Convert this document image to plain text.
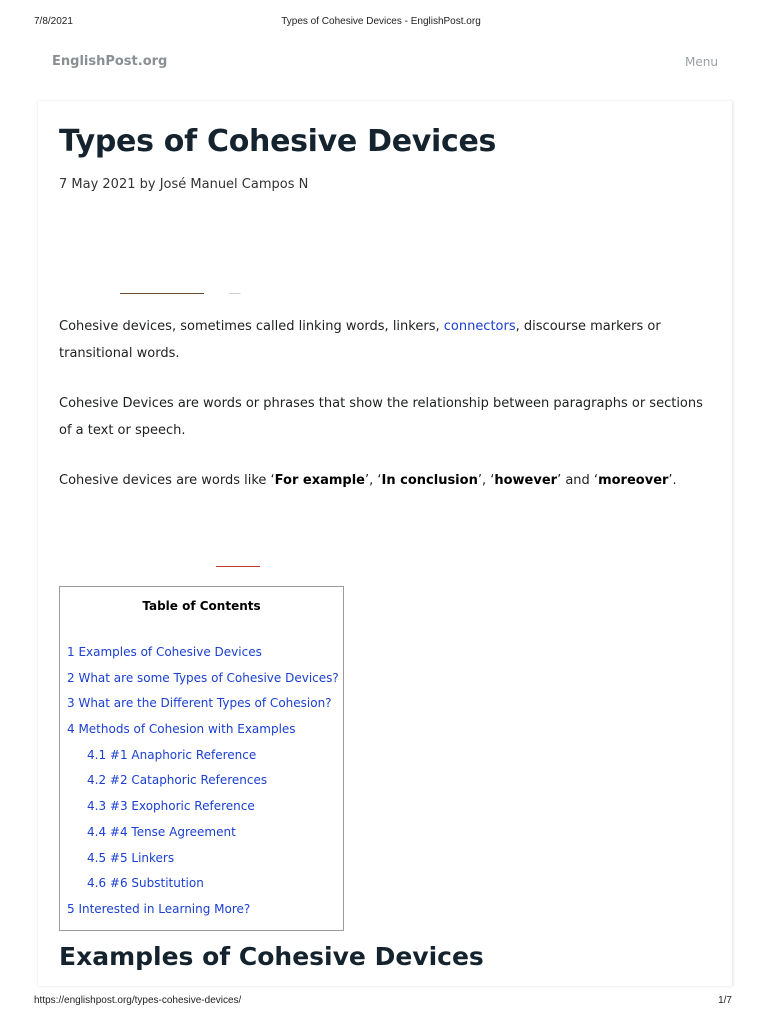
7/8/2021	Types of Cohesive Devices - EnglishPost.org
EnglishPost.org	Menu
Types of Cohesive Devices
7 May 2021 by José Manuel Campos N

Cohesive devices, sometimes called linking words, linkers, connectors, discourse markers or transitional words.

Cohesive Devices are words or phrases that show the relationship between paragraphs or sections of a text or speech.

Cohesive devices are words like ‘For example’, ‘In conclusion’, ‘however’ and ‘moreover’.

Table of Contents
1 Examples of Cohesive Devices
2 What are some Types of Cohesive Devices?
3 What are the Different Types of Cohesion?
4 Methods of Cohesion with Examples
4.1 #1 Anaphoric Reference
4.2 #2 Cataphoric References
4.3 #3 Exophoric Reference
4.4 #4 Tense Agreement
4.5 #5 Linkers
4.6 #6 Substitution
5 Interested in Learning More?
Examples of Cohesive Devices
https://englishpost.org/types-cohesive-devices/	1/7
